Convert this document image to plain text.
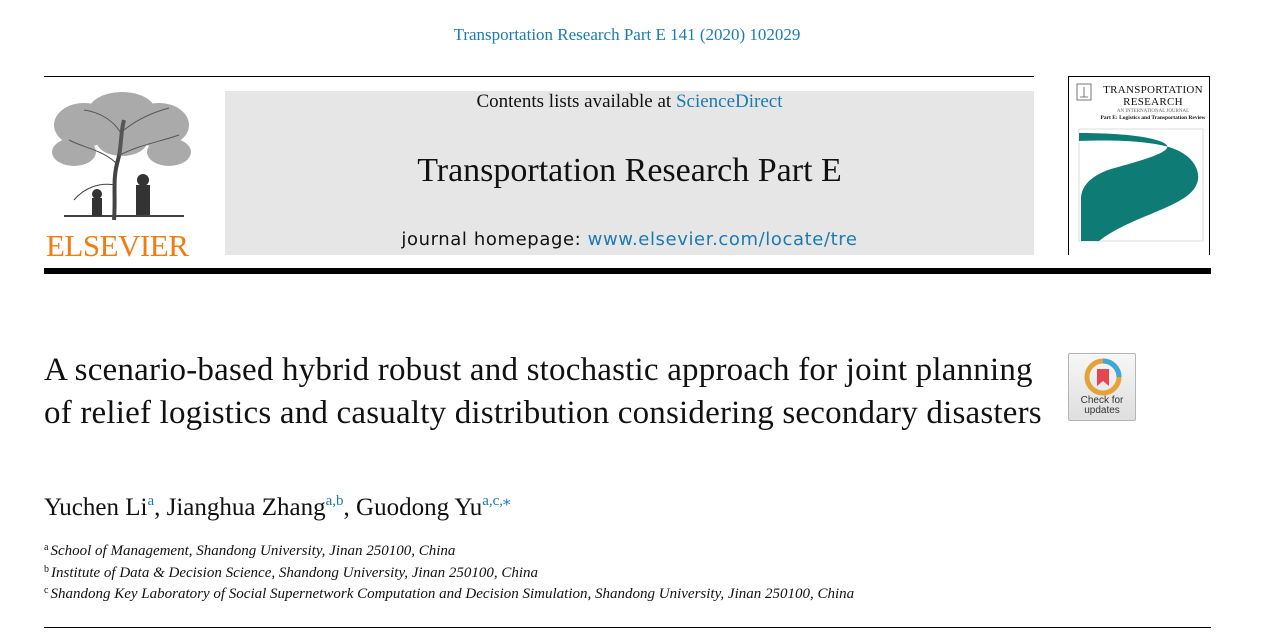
Transportation Research Part E 141 (2020) 102029
ELSEVIER
Contents lists available at ScienceDirect
Transportation Research Part E
journal homepage: www.elsevier.com/locate/tre
TRANSPORTATION RESEARCH
AN INTERNATIONAL JOURNAL
Part E: Logistics and Transportation Review
A scenario-based hybrid robust and stochastic approach for joint planning of relief logistics and casualty distribution considering secondary disasters	Check for updates
Yuchen Li$^a$, Jianghua Zhang$^{a,b}$, Guodong $Yu^{a,c,⁎}$
$^a$ School of Management, Shandong University, Jinan 250100, China
$^b$ Institute of Data & Decision Science, Shandong University, Jinan 250100, China
$^c$ Shandong Key Laboratory of Social Supernetwork Computation and Decision Simulation, Shandong University, Jinan 250100, China
